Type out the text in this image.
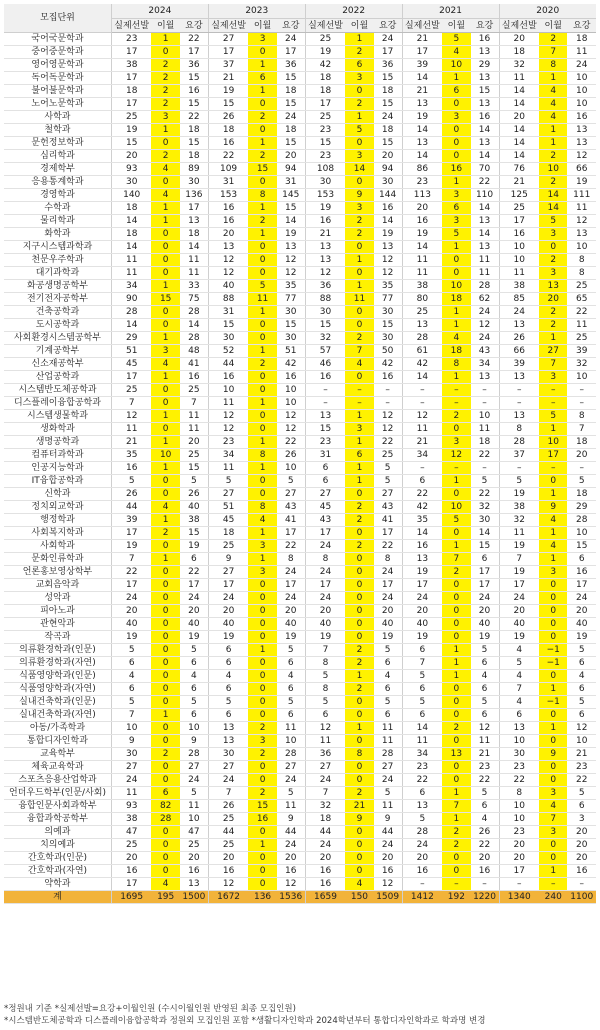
모집단위	2024			2023			2022			2021			2020		
	실제선발	이월	요강	실제선발	이월	요강	실제선발	이월	요강	실제선발	이월	요강	실제선발	이월	요강
국어국문학과	23	1	22	27	3	24	25	1	24	21	5	16	20	2	18
중어중문학과	17	0	17	17	0	17	19	2	17	17	4	13	18	7	11
영어영문학과	38	2	36	37	1	36	42	6	36	39	10	29	32	8	24
독어독문학과	17	2	15	21	6	15	18	3	15	14	1	13	11	1	10
불어불문학과	18	2	16	19	1	18	18	0	18	21	6	15	14	4	10
노어노문학과	17	2	15	15	0	15	17	2	15	13	0	13	14	4	10
사학과	25	3	22	26	2	24	25	1	24	19	3	16	20	4	16
철학과	19	1	18	18	0	18	23	5	18	14	0	14	14	1	13
문헌정보학과	15	0	15	16	1	15	15	0	15	13	0	13	14	1	13
심리학과	20	2	18	22	2	20	23	3	20	14	0	14	14	2	12
경제학부	93	4	89	109	15	94	108	14	94	86	16	70	76	10	66
응용통계학과	30	0	30	31	0	31	30	0	30	23	1	22	21	2	19
경영학과	140	4	136	153	8	145	153	9	144	113	3	110	125	14	111
수학과	18	1	17	16	1	15	19	3	16	20	6	14	25	14	11
물리학과	14	1	13	16	2	14	16	2	14	16	3	13	17	5	12
화학과	18	0	18	20	1	19	21	2	19	19	5	14	16	3	13
지구시스템과학과	14	0	14	13	0	13	13	0	13	14	1	13	10	0	10
천문우주학과	11	0	11	12	0	12	13	1	12	11	0	11	10	2	8
대기과학과	11	0	11	12	0	12	12	0	12	11	0	11	11	3	8
화공생명공학부	34	1	33	40	5	35	36	1	35	38	10	28	38	13	25
전기전자공학부	90	15	75	88	11	77	88	11	77	80	18	62	85	20	65
건축공학과	28	0	28	31	1	30	30	0	30	25	1	24	24	2	22
도시공학과	14	0	14	15	0	15	15	0	15	13	1	12	13	2	11
사회환경시스템공학부	29	1	28	30	0	30	32	2	30	28	4	24	26	1	25
기계공학부	51	3	48	52	1	51	57	7	50	61	18	43	66	27	39
신소재공학부	45	4	41	44	2	42	46	4	42	42	8	34	39	7	32
산업공학과	17	1	16	16	0	16	16	0	16	14	1	13	13	3	10
시스템반도체공학과	25	0	25	10	0	10	–	–	–	–	–	–	–	–	–
디스플레이융합공학과	7	0	7	11	1	10	–	–	–	–	–	–	–	–	–
시스템생물학과	12	1	11	12	0	12	13	1	12	12	2	10	13	5	8
생화학과	11	0	11	12	0	12	15	3	12	11	0	11	8	1	7
생명공학과	21	1	20	23	1	22	23	1	22	21	3	18	28	10	18
컴퓨터과학과	35	10	25	34	8	26	31	6	25	34	12	22	37	17	20
인공지능학과	16	1	15	11	1	10	6	1	5	–	–	–	–	–	–
IT융합공학과	5	0	5	5	0	5	6	1	5	6	1	5	5	0	5
신학과	26	0	26	27	0	27	27	0	27	22	0	22	19	1	18
정치외교학과	44	4	40	51	8	43	45	2	43	42	10	32	38	9	29
행정학과	39	1	38	45	4	41	43	2	41	35	5	30	32	4	28
사회복지학과	17	2	15	18	1	17	17	0	17	14	0	14	11	1	10
사회학과	19	0	19	25	3	22	24	2	22	16	1	15	19	4	15
문화인류학과	7	1	6	9	1	8	8	0	8	13	7	6	7	1	6
언론홍보영상학부	22	0	22	27	3	24	24	0	24	19	2	17	19	3	16
교회음악과	17	0	17	17	0	17	17	0	17	17	0	17	17	0	17
성악과	24	0	24	24	0	24	24	0	24	24	0	24	24	0	24
피아노과	20	0	20	20	0	20	20	0	20	20	0	20	20	0	20
관현악과	40	0	40	40	0	40	40	0	40	40	0	40	40	0	40
작곡과	19	0	19	19	0	19	19	0	19	19	0	19	19	0	19
의류환경학과(인문)	5	0	5	6	1	5	7	2	5	6	1	5	4	−1	5
의류환경학과(자연)	6	0	6	6	0	6	8	2	6	7	1	6	5	−1	6
식품영양학과(인문)	4	0	4	4	0	4	5	1	4	5	1	4	4	0	4
식품영양학과(자연)	6	0	6	6	0	6	8	2	6	6	0	6	7	1	6
실내건축학과(인문)	5	0	5	5	0	5	5	0	5	5	0	5	4	−1	5
실내건축학과(자연)	7	1	6	6	0	6	6	0	6	6	0	6	6	0	6
아동/가족학과	10	0	10	13	2	11	12	1	11	14	2	12	13	1	12
통합디자인학과	9	0	9	13	3	10	11	0	11	11	0	11	10	0	10
교육학부	30	2	28	30	2	28	36	8	28	34	13	21	30	9	21
체육교육학과	27	0	27	27	0	27	27	0	27	23	0	23	23	0	23
스포츠응용산업학과	24	0	24	24	0	24	24	0	24	22	0	22	22	0	22
언더우드학부(인문/사회)	11	6	5	7	2	5	7	2	5	6	1	5	8	3	5
융합인문사회과학부	93	82	11	26	15	11	32	21	11	13	7	6	10	4	6
융합과학공학부	38	28	10	25	16	9	18	9	9	5	1	4	10	7	3
의예과	47	0	47	44	0	44	44	0	44	28	2	26	23	3	20
치의예과	25	0	25	25	1	24	24	0	24	24	2	22	20	0	20
간호학과(인문)	20	0	20	20	0	20	20	0	20	20	0	20	20	0	20
간호학과(자연)	16	0	16	16	0	16	16	0	16	16	0	16	17	1	16
약학과	17	4	13	12	0	12	16	4	12	–	–	–	–	–	–
계	1695	195	1500	1672	136	1536	1659	150	1509	1412	192	1220	1340	240	1100
*정원내 기준 *실제선발=요강+이월인원 (수시이월인원 반영된 최종 모집인원)
*시스템반도체공학과 디스플레이융합공학과 정원외 모집인원 포함 *생활디자인학과 2024학년부터 통합디자인학과로 학과명 변경
